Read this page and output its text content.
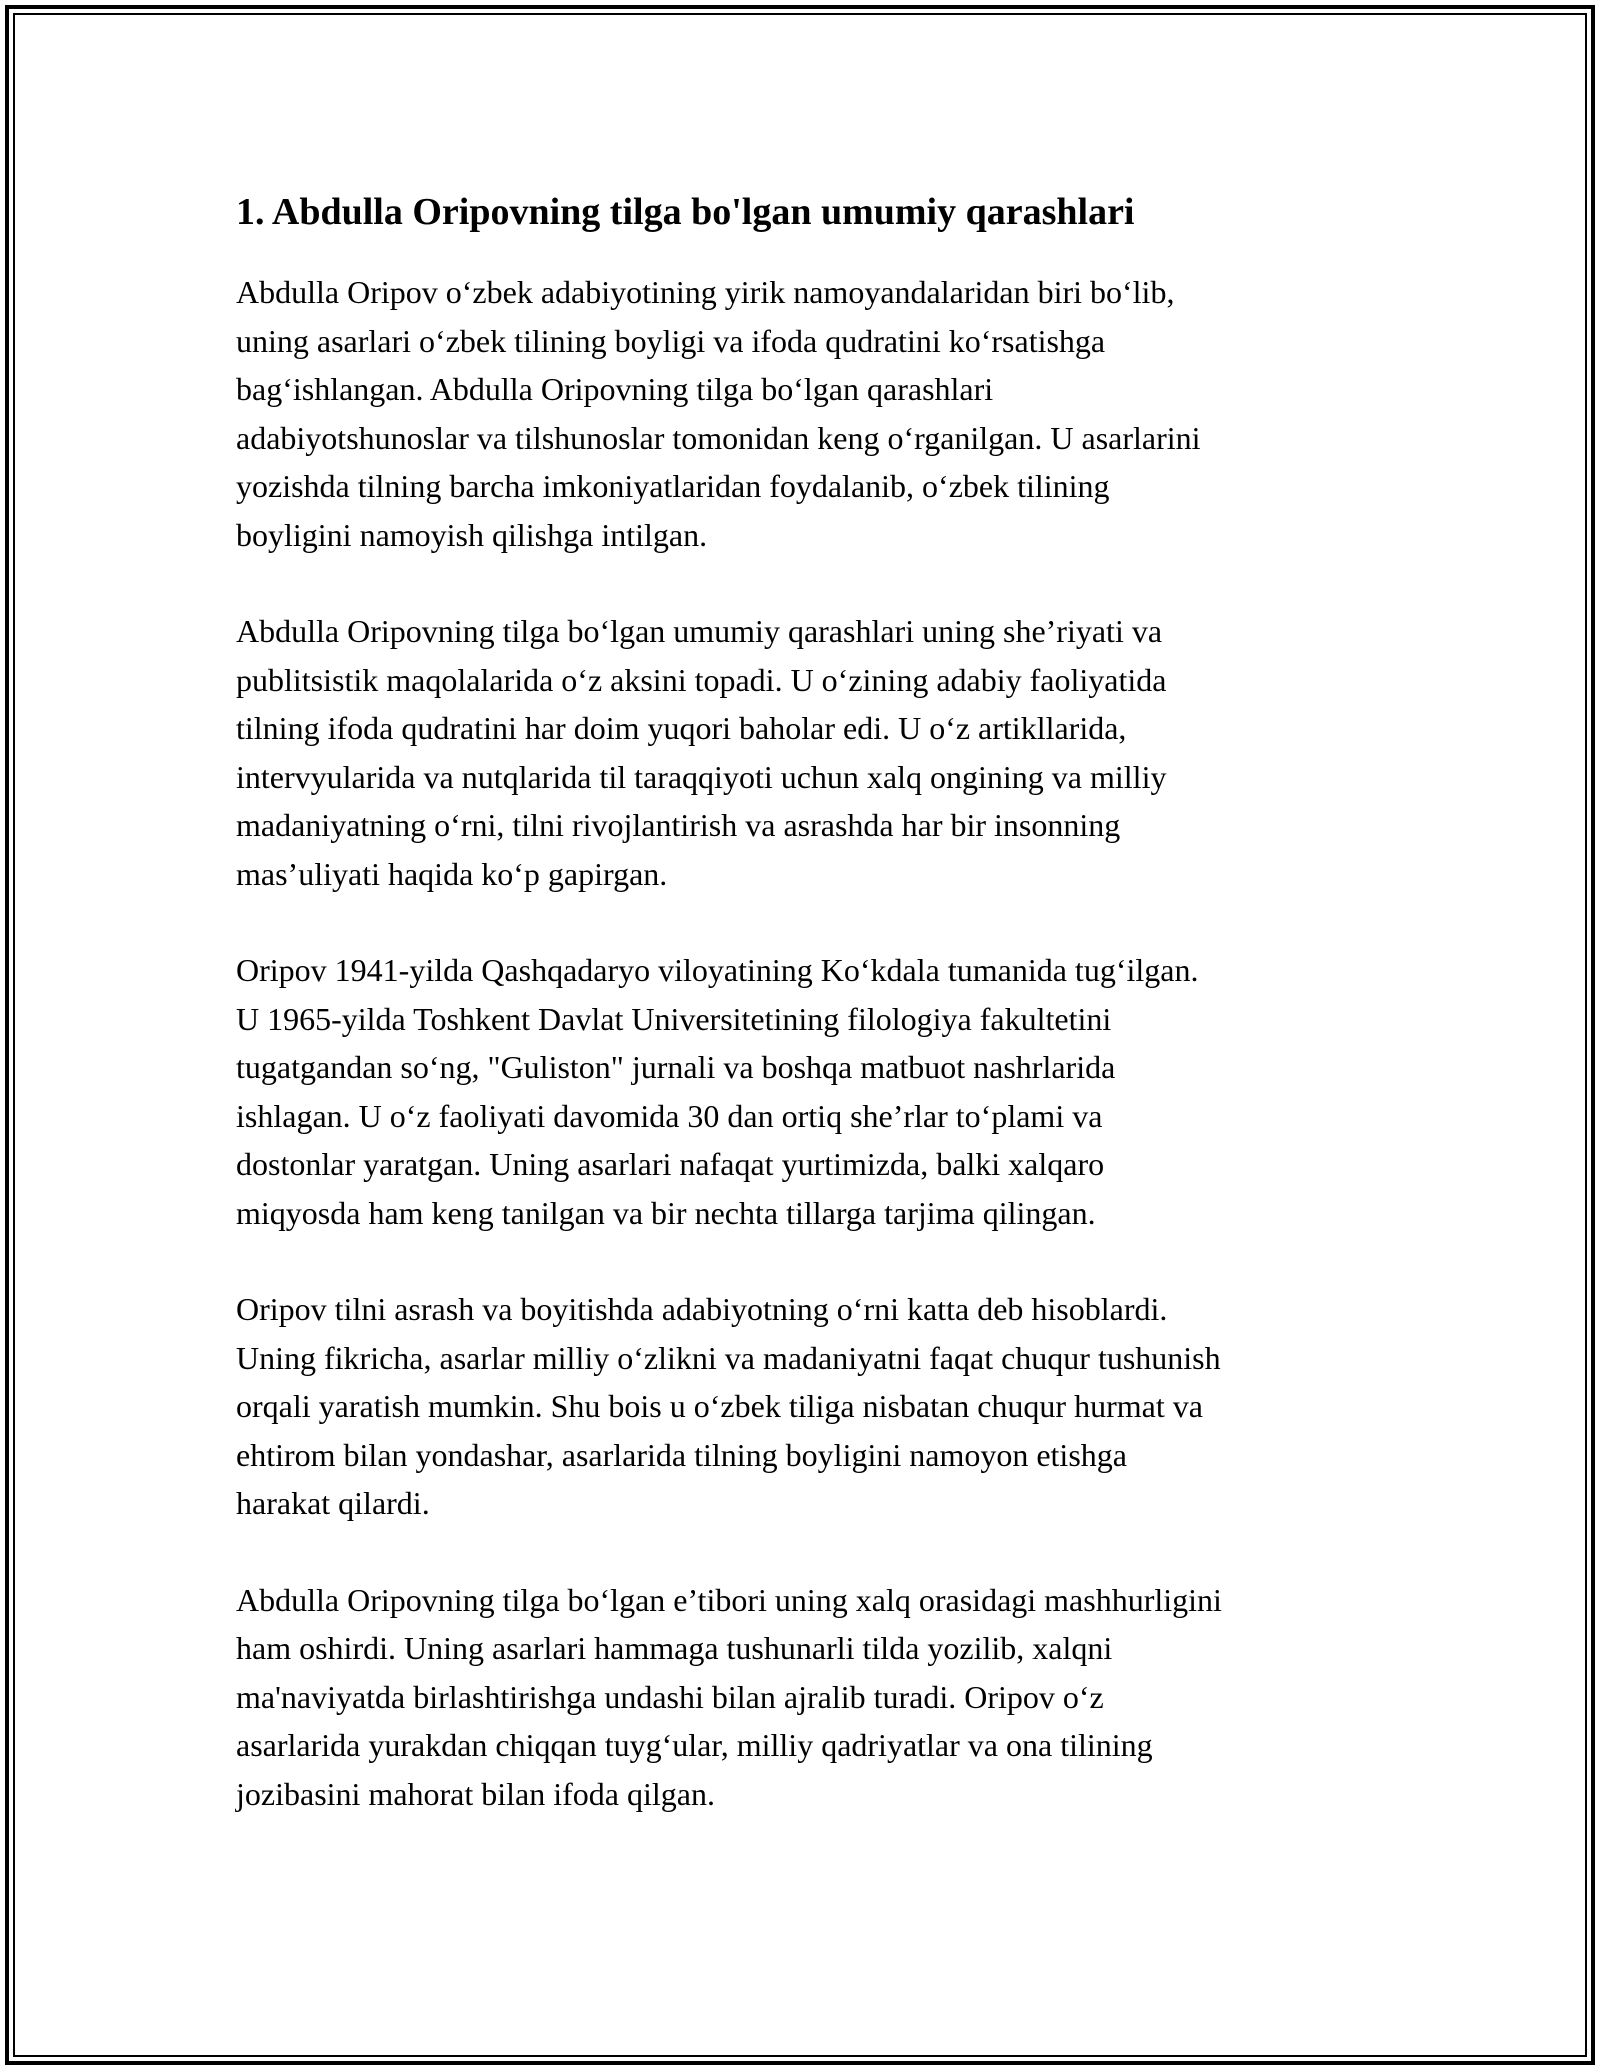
1. Abdulla Oripovning tilga bo'lgan umumiy qarashlari

Abdulla Oripov o‘zbek adabiyotining yirik namoyandalaridan biri bo‘lib,
uning asarlari o‘zbek tilining boyligi va ifoda qudratini ko‘rsatishga
bag‘ishlangan. Abdulla Oripovning tilga bo‘lgan qarashlari
adabiyotshunoslar va tilshunoslar tomonidan keng o‘rganilgan. U asarlarini
yozishda tilning barcha imkoniyatlaridan foydalanib, o‘zbek tilining
boyligini namoyish qilishga intilgan.

Abdulla Oripovning tilga bo‘lgan umumiy qarashlari uning she’riyati va
publitsistik maqolalarida o‘z aksini topadi. U o‘zining adabiy faoliyatida
tilning ifoda qudratini har doim yuqori baholar edi. U o‘z artikllarida,
intervyularida va nutqlarida til taraqqiyoti uchun xalq ongining va milliy
madaniyatning o‘rni, tilni rivojlantirish va asrashda har bir insonning
mas’uliyati haqida ko‘p gapirgan.

Oripov 1941-yilda Qashqadaryo viloyatining Ko‘kdala tumanida tug‘ilgan.
U 1965-yilda Toshkent Davlat Universitetining filologiya fakultetini
tugatgandan so‘ng, "Guliston" jurnali va boshqa matbuot nashrlarida
ishlagan. U o‘z faoliyati davomida 30 dan ortiq she’rlar to‘plami va
dostonlar yaratgan. Uning asarlari nafaqat yurtimizda, balki xalqaro
miqyosda ham keng tanilgan va bir nechta tillarga tarjima qilingan.

Oripov tilni asrash va boyitishda adabiyotning o‘rni katta deb hisoblardi.
Uning fikricha, asarlar milliy o‘zlikni va madaniyatni faqat chuqur tushunish
orqali yaratish mumkin. Shu bois u o‘zbek tiliga nisbatan chuqur hurmat va
ehtirom bilan yondashar, asarlarida tilning boyligini namoyon etishga
harakat qilardi.

Abdulla Oripovning tilga bo‘lgan e’tibori uning xalq orasidagi mashhurligini
ham oshirdi. Uning asarlari hammaga tushunarli tilda yozilib, xalqni
ma'naviyatda birlashtirishga undashi bilan ajralib turadi. Oripov o‘z
asarlarida yurakdan chiqqan tuyg‘ular, milliy qadriyatlar va ona tilining
jozibasini mahorat bilan ifoda qilgan.
